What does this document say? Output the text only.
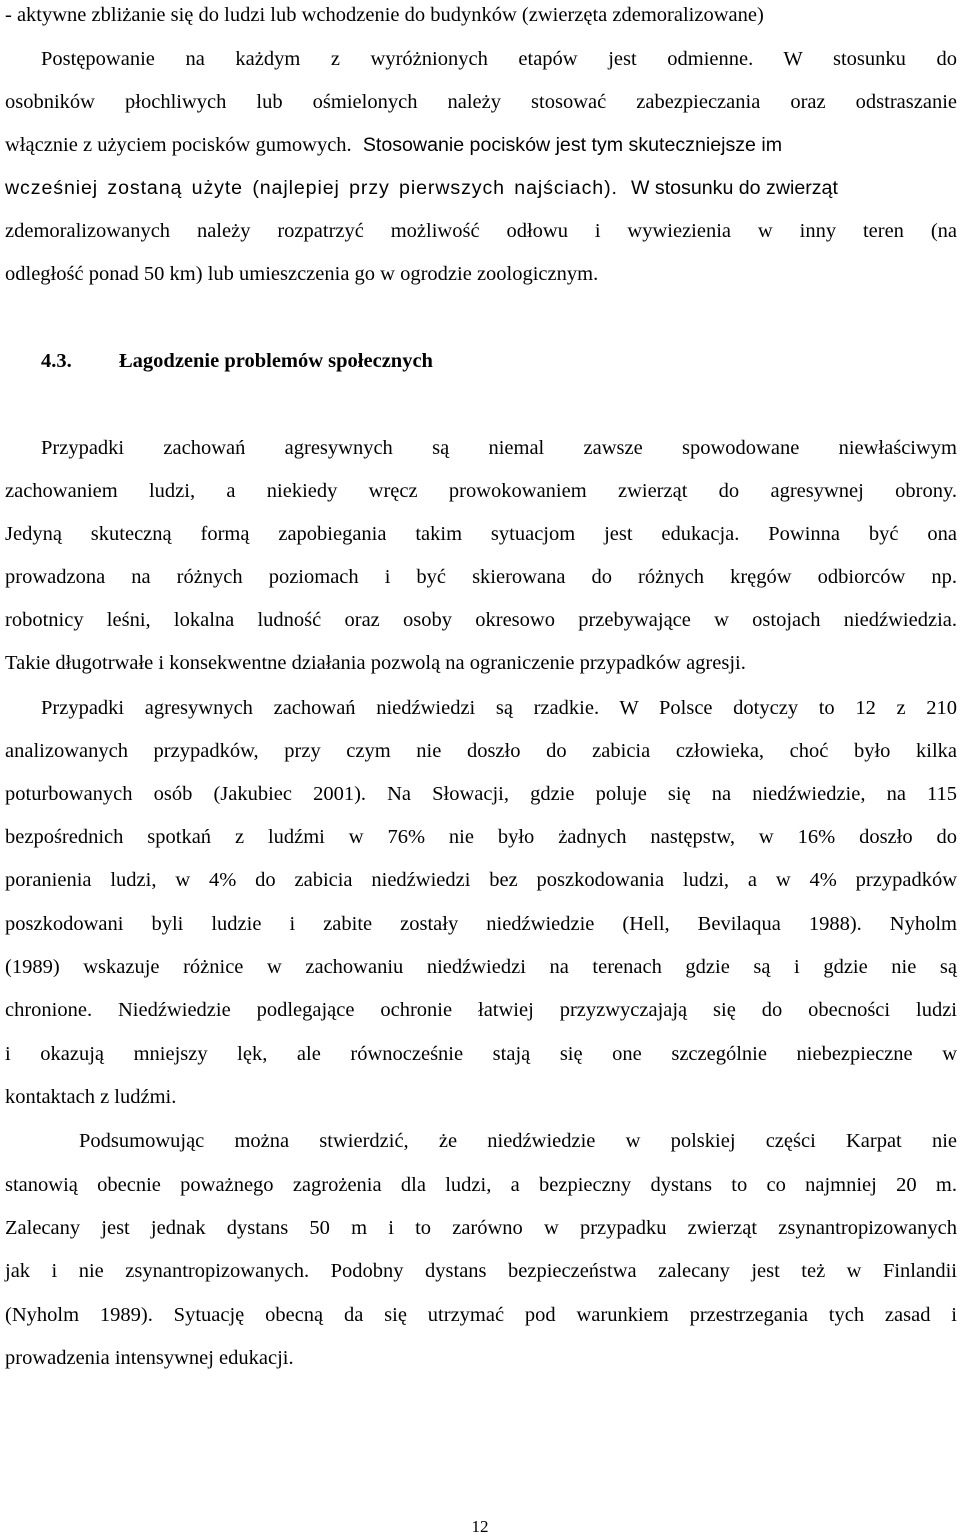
- aktywne zbliżanie się do ludzi lub wchodzenie do budynków (zwierzęta zdemoralizowane)
Postępowanie na każdym z wyróżnionych etapów jest odmienne. W stosunku do
osobników płochliwych lub ośmielonych należy stosować zabezpieczania oraz odstraszanie
włącznie z użyciem pocisków gumowych. Stosowanie pocisków jest tym skuteczniejsze im
wcześniej zostaną użyte (najlepiej przy pierwszych najściach). W stosunku do zwierząt
zdemoralizowanych należy rozpatrzyć możliwość odłowu i wywiezienia w inny teren (na
odległość ponad 50 km) lub umieszczenia go w ogrodzie zoologicznym.
4.3. Łagodzenie problemów społecznych
Przypadki zachowań agresywnych są niemal zawsze spowodowane niewłaściwym
zachowaniem ludzi, a niekiedy wręcz prowokowaniem zwierząt do agresywnej obrony.
Jedyną skuteczną formą zapobiegania takim sytuacjom jest edukacja. Powinna być ona
prowadzona na różnych poziomach i być skierowana do różnych kręgów odbiorców np.
robotnicy leśni, lokalna ludność oraz osoby okresowo przebywające w ostojach niedźwiedzia.
Takie długotrwałe i konsekwentne działania pozwolą na ograniczenie przypadków agresji.
Przypadki agresywnych zachowań niedźwiedzi są rzadkie. W Polsce dotyczy to 12 z 210
analizowanych przypadków, przy czym nie doszło do zabicia człowieka, choć było kilka
poturbowanych osób (Jakubiec 2001). Na Słowacji, gdzie poluje się na niedźwiedzie, na 115
bezpośrednich spotkań z ludźmi w 76% nie było żadnych następstw, w 16% doszło do
poranienia ludzi, w 4% do zabicia niedźwiedzi bez poszkodowania ludzi, a w 4% przypadków
poszkodowani byli ludzie i zabite zostały niedźwiedzie (Hell, Bevilaqua 1988). Nyholm
(1989) wskazuje różnice w zachowaniu niedźwiedzi na terenach gdzie są i gdzie nie są
chronione. Niedźwiedzie podlegające ochronie łatwiej przyzwyczajają się do obecności ludzi
i okazują mniejszy lęk, ale równocześnie stają się one szczególnie niebezpieczne w
kontaktach z ludźmi.
Podsumowując można stwierdzić, że niedźwiedzie w polskiej części Karpat nie
stanowią obecnie poważnego zagrożenia dla ludzi, a bezpieczny dystans to co najmniej 20 m.
Zalecany jest jednak dystans 50 m i to zarówno w przypadku zwierząt zsynantropizowanych
jak i nie zsynantropizowanych. Podobny dystans bezpieczeństwa zalecany jest też w Finlandii
(Nyholm 1989). Sytuację obecną da się utrzymać pod warunkiem przestrzegania tych zasad i
prowadzenia intensywnej edukacji.
12
